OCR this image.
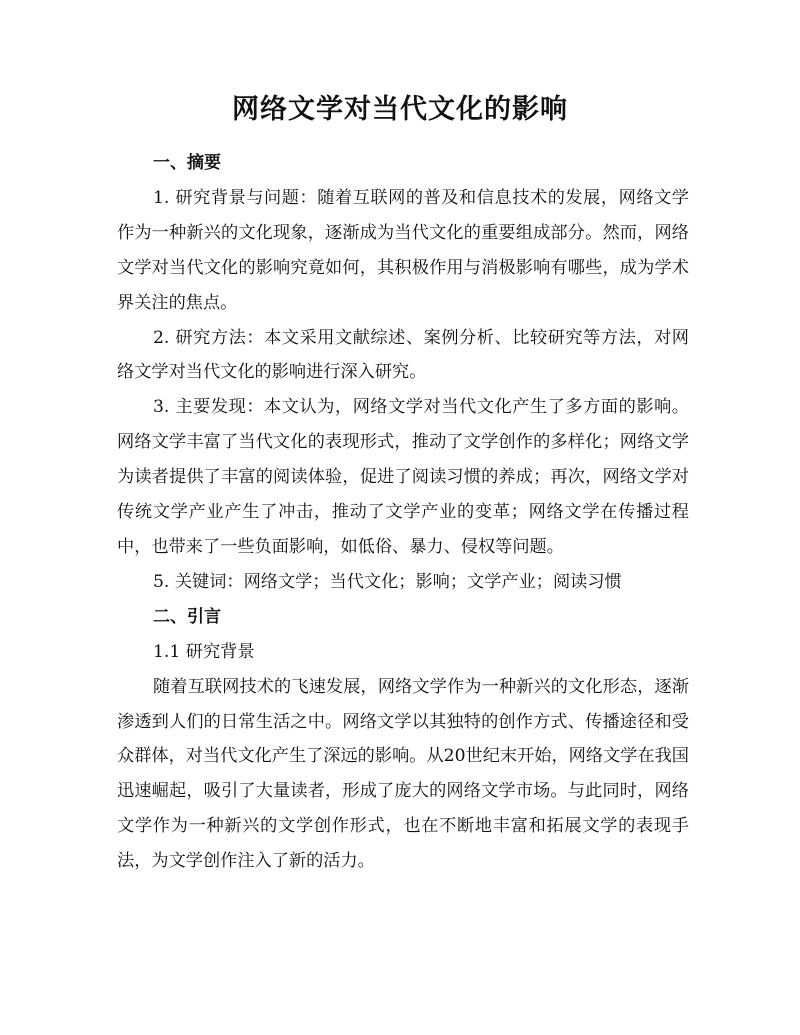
网络文学对当代文化的影响

一、摘要

1. 研究背景与问题：随着互联网的普及和信息技术的发展，网络文学作为一种新兴的文化现象，逐渐成为当代文化的重要组成部分。然而，网络文学对当代文化的影响究竟如何，其积极作用与消极影响有哪些，成为学术界关注的焦点。

2. 研究方法：本文采用文献综述、案例分析、比较研究等方法，对网络文学对当代文化的影响进行深入研究。

3. 主要发现：本文认为，网络文学对当代文化产生了多方面的影响。网络文学丰富了当代文化的表现形式，推动了文学创作的多样化；网络文学为读者提供了丰富的阅读体验，促进了阅读习惯的养成；再次，网络文学对传统文学产业产生了冲击，推动了文学产业的变革；网络文学在传播过程中，也带来了一些负面影响，如低俗、暴力、侵权等问题。

5. 关键词：网络文学；当代文化；影响；文学产业；阅读习惯

二、引言

1.1 研究背景

随着互联网技术的飞速发展，网络文学作为一种新兴的文化形态，逐渐渗透到人们的日常生活之中。网络文学以其独特的创作方式、传播途径和受众群体，对当代文化产生了深远的影响。从20世纪末开始，网络文学在我国迅速崛起，吸引了大量读者，形成了庞大的网络文学市场。与此同时，网络文学作为一种新兴的文学创作形式，也在不断地丰富和拓展文学的表现手法，为文学创作注入了新的活力。
